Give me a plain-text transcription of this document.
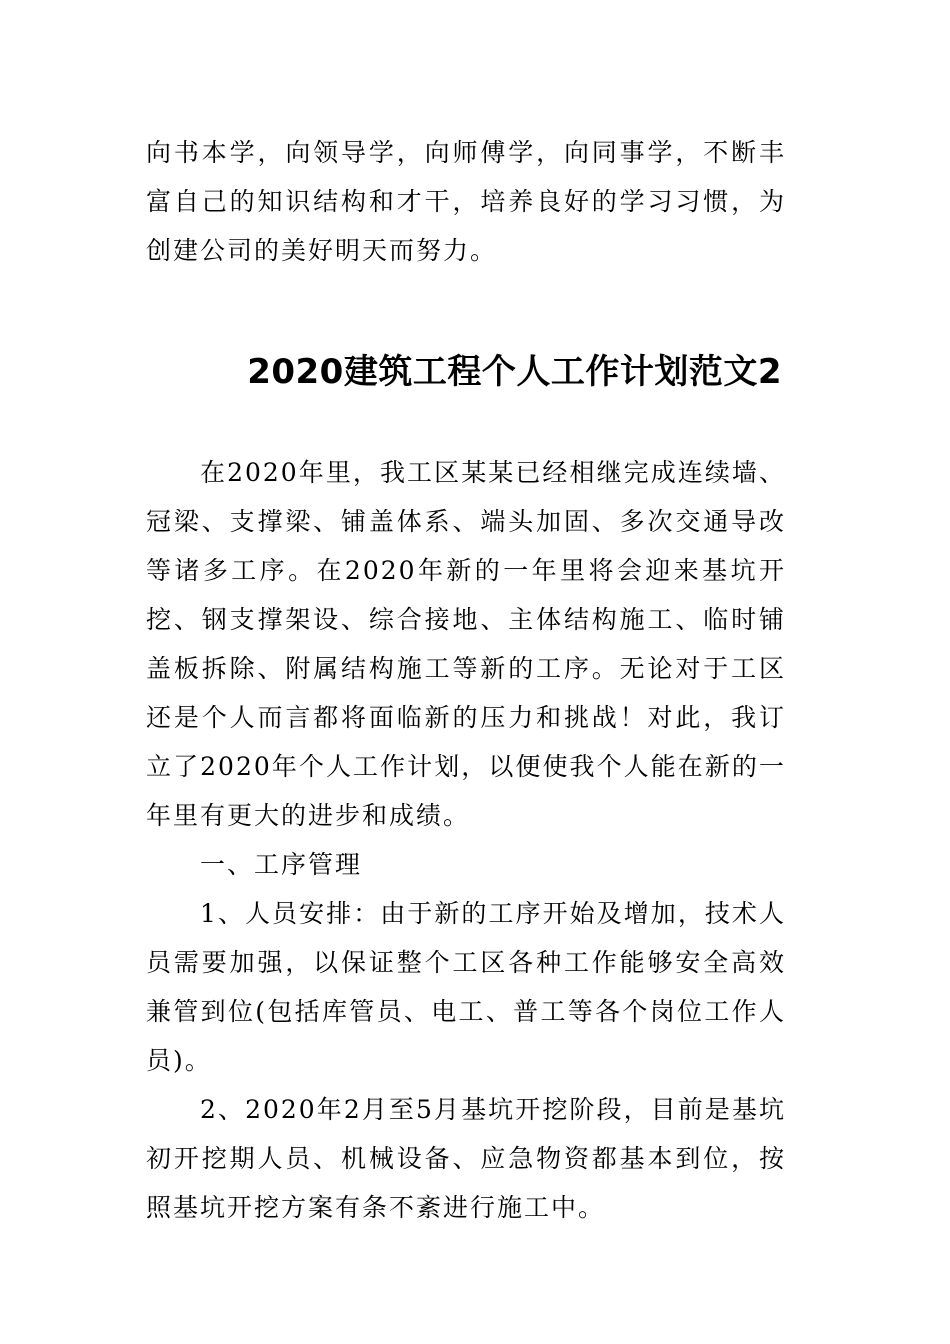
向书本学，向领导学，向师傅学，向同事学，不断丰富自己的知识结构和才干，培养良好的学习习惯，为创建公司的美好明天而努力。
2020建筑工程个人工作计划范文2

在2020年里，我工区某某已经相继完成连续墙、冠梁、支撑梁、铺盖体系、端头加固、多次交通导改等诸多工序。在2020年新的一年里将会迎来基坑开挖、钢支撑架设、综合接地、主体结构施工、临时铺盖板拆除、附属结构施工等新的工序。无论对于工区还是个人而言都将面临新的压力和挑战！对此，我订立了2020年个人工作计划，以便使我个人能在新的一年里有更大的进步和成绩。

一、工序管理

1、人员安排：由于新的工序开始及增加，技术人员需要加强，以保证整个工区各种工作能够安全高效兼管到位(包括库管员、电工、普工等各个岗位工作人员)。

2、2020年2月至5月基坑开挖阶段，目前是基坑初开挖期人员、机械设备、应急物资都基本到位，按照基坑开挖方案有条不紊进行施工中。
